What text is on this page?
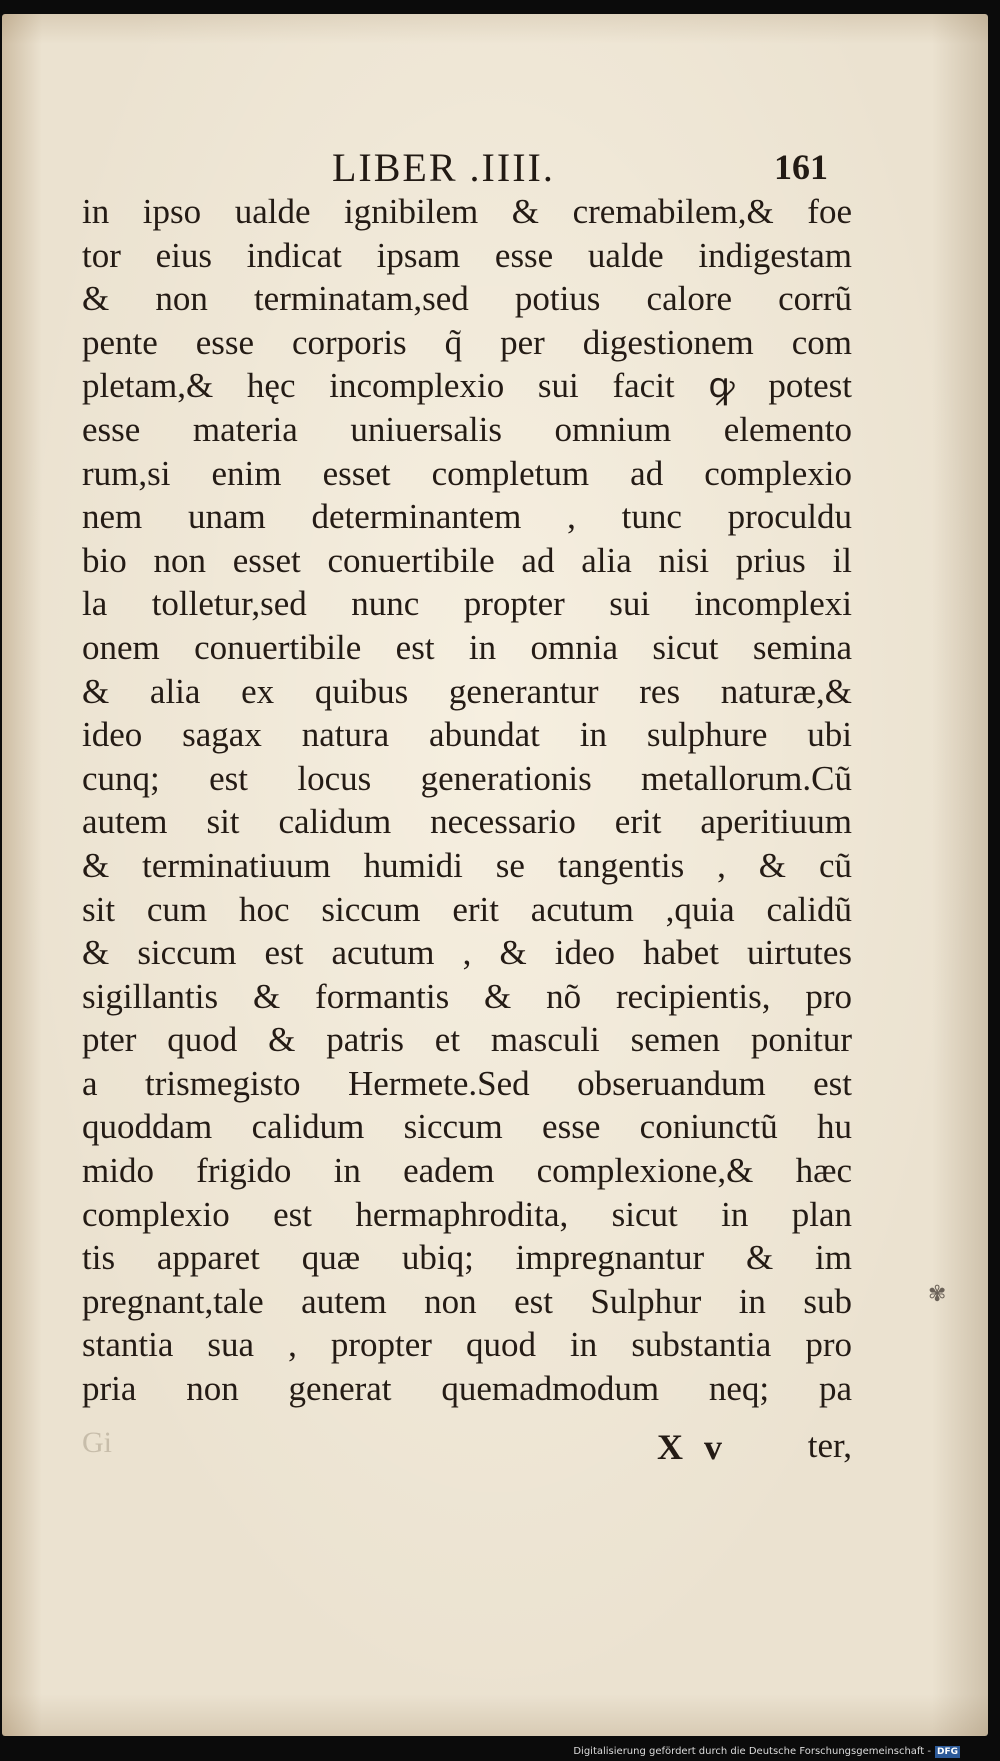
LIBER .IIII.	161
in ipso ualde ignibilem & cremabilem,& foe
tor eius indicat ipsam esse ualde indigestam
& non terminatam,sed potius calore corrũ
pente esse corporis q̃ per digestionem com
pletam,& hęc incomplexio sui facit ꝙ potest
esse materia uniuersalis omnium elemento
rum,si enim esset completum ad complexio
nem unam determinantem , tunc proculdu
bio non esset conuertibile ad alia nisi prius il
la tolletur,sed nunc propter sui incomplexi
onem conuertibile est in omnia sicut semina
& alia ex quibus generantur res naturæ,&
ideo sagax natura abundat in sulphure ubi
cunq; est locus generationis metallorum.Cũ
autem sit calidum necessario erit aperitiuum
& terminatiuum humidi se tangentis , & cũ
sit cum hoc siccum erit acutum ,quia calidũ
& siccum est acutum , & ideo habet uirtutes
sigillantis & formantis & nõ recipientis, pro
pter quod & patris et masculi semen ponitur
a trismegisto Hermete.Sed obseruandum est
quoddam calidum siccum esse coniunctũ hu
mido frigido in eadem complexione,& hæc
complexio est hermaphrodita, sicut in plan
tis apparet quæ ubiq; impregnantur & im
pregnant,tale autem non est Sulphur in sub
stantia sua , propter quod in substantia pro
pria non generat quemadmodum neq; pa
Gi	X v ter,
✾
Digitalisierung gefördert durch die Deutsche Forschungsgemeinschaft - DFG
